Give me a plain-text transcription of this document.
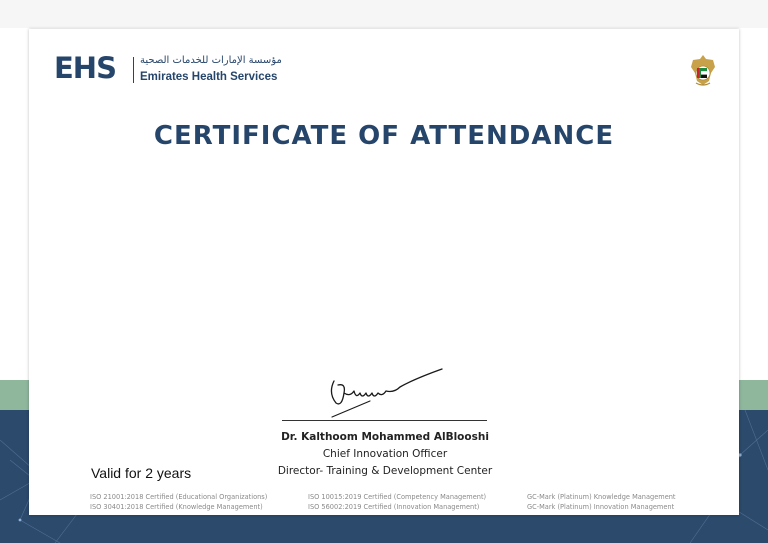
EHS مؤسسة الإمارات للخدمات الصحية
Emirates Health Services
CERTIFICATE OF ATTENDANCE
Dr. Kalthoom Mohammed AlBlooshi
Chief Innovation Officer
Director- Training & Development Center
Valid for 2 years
ISO 21001:2018 Certified (Educational Organizations)
ISO 30401:2018 Certified (Knowledge Management)
ISO 10015:2019 Certified (Competency Management)
ISO 56002:2019 Certified (Innovation Management)
GC-Mark (Platinum) Knowledge Management
GC-Mark (Platinum) Innovation Management
